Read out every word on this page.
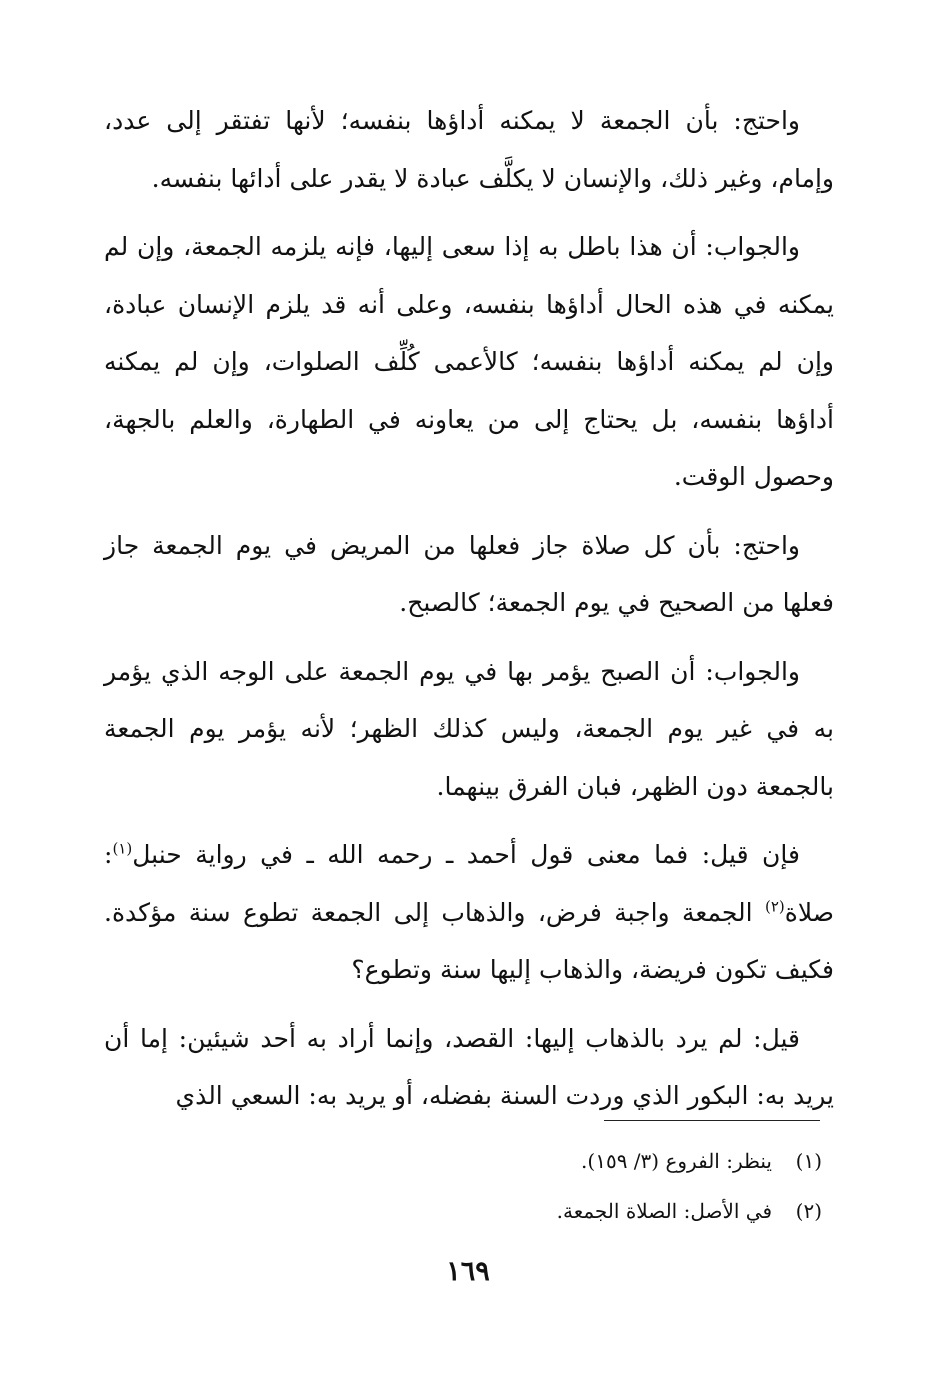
واحتج: بأن الجمعة لا يمكنه أداؤها بنفسه؛ لأنها تفتقر إلى عدد، وإمام، وغير ذلك، والإنسان لا يكلَّف عبادة لا يقدر على أدائها بنفسه.

والجواب: أن هذا باطل به إذا سعى إليها، فإنه يلزمه الجمعة، وإن لم يمكنه في هذه الحال أداؤها بنفسه، وعلى أنه قد يلزم الإنسان عبادة، وإن لم يمكنه أداؤها بنفسه؛ كالأعمى كُلِّف الصلوات، وإن لم يمكنه أداؤها بنفسه، بل يحتاج إلى من يعاونه في الطهارة، والعلم بالجهة، وحصول الوقت.

واحتج: بأن كل صلاة جاز فعلها من المريض في يوم الجمعة جاز فعلها من الصحيح في يوم الجمعة؛ كالصبح.

والجواب: أن الصبح يؤمر بها في يوم الجمعة على الوجه الذي يؤمر به في غير يوم الجمعة، وليس كذلك الظهر؛ لأنه يؤمر يوم الجمعة بالجمعة دون الظهر، فبان الفرق بينهما.

فإن قيل: فما معنى قول أحمد ـ رحمه الله ـ في رواية حنبل$^{(١)}$: صلاة$^{(٢)}$ الجمعة واجبة فرض، والذهاب إلى الجمعة تطوع سنة مؤكدة. فكيف تكون فريضة، والذهاب إليها سنة وتطوع؟

قيل: لم يرد بالذهاب إليها: القصد، وإنما أراد به أحد شيئين: إما أن يريد به: البكور الذي وردت السنة بفضله، أو يريد به: السعي الذي

(١)ينظر: الفروع (٣/ ١٥٩).
(٢)في الأصل: الصلاة الجمعة.
١٦٩
